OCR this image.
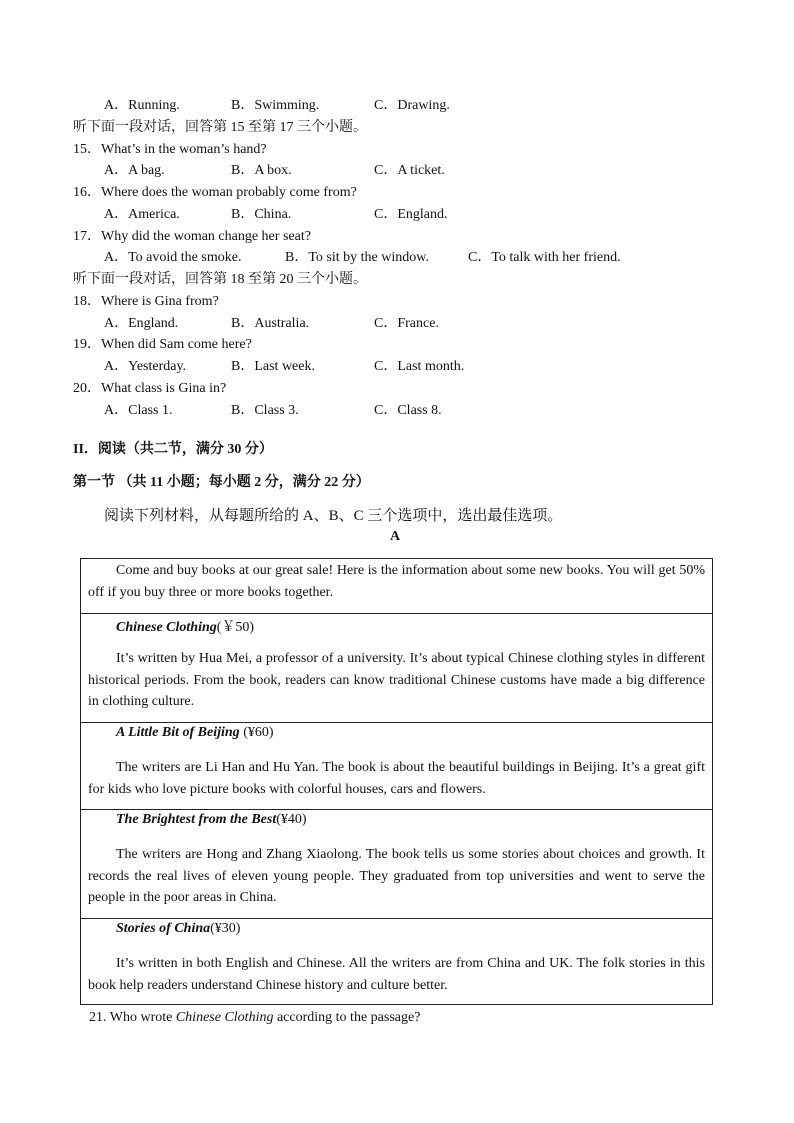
A．Running.	B．Swimming.	C．Drawing.
听下面一段对话，回答第 15 至第 17 三个小题。
15．What’s in the woman’s hand?
A．A bag.	B．A box.	C．A ticket.
16．Where does the woman probably come from?
A．America.	B．China.	C．England.
17．Why did the woman change her seat?
A．To avoid the smoke.	B．To sit by the window.	C．To talk with her friend.
听下面一段对话，回答第 18 至第 20 三个小题。
18．Where is Gina from?
A．England.	B．Australia.	C．France.
19．When did Sam come here?
A．Yesterday.	B．Last week.	C．Last month.
20．What class is Gina in?
A．Class 1.	B．Class 3.	C．Class 8.
II．阅读（共二节，满分 30 分）
第一节 （共 11 小题；每小题 2 分，满分 22 分）
阅读下列材料，从每题所给的 A、B、C 三个选项中，选出最佳选项。
A
Come and buy books at our great sale! Here is the information about some new books. You will get 50% off if you buy three or more books together.
Chinese Clothing(￥50)
It’s written by Hua Mei, a professor of a university. It’s about typical Chinese clothing styles in different historical periods. From the book, readers can know traditional Chinese customs have made a big difference in clothing culture.
A Little Bit of Beijing (¥60)
The writers are Li Han and Hu Yan. The book is about the beautiful buildings in Beijing. It’s a great gift for kids who love picture books with colorful houses, cars and flowers.
The Brightest from the Best(¥40)
The writers are Hong and Zhang Xiaolong. The book tells us some stories about choices and growth. It records the real lives of eleven young people. They graduated from top universities and went to serve the people in the poor areas in China.
Stories of China(¥30)
It’s written in both English and Chinese. All the writers are from China and UK. The folk stories in this book help readers understand Chinese history and culture better.
21. Who wrote Chinese Clothing according to the passage?
